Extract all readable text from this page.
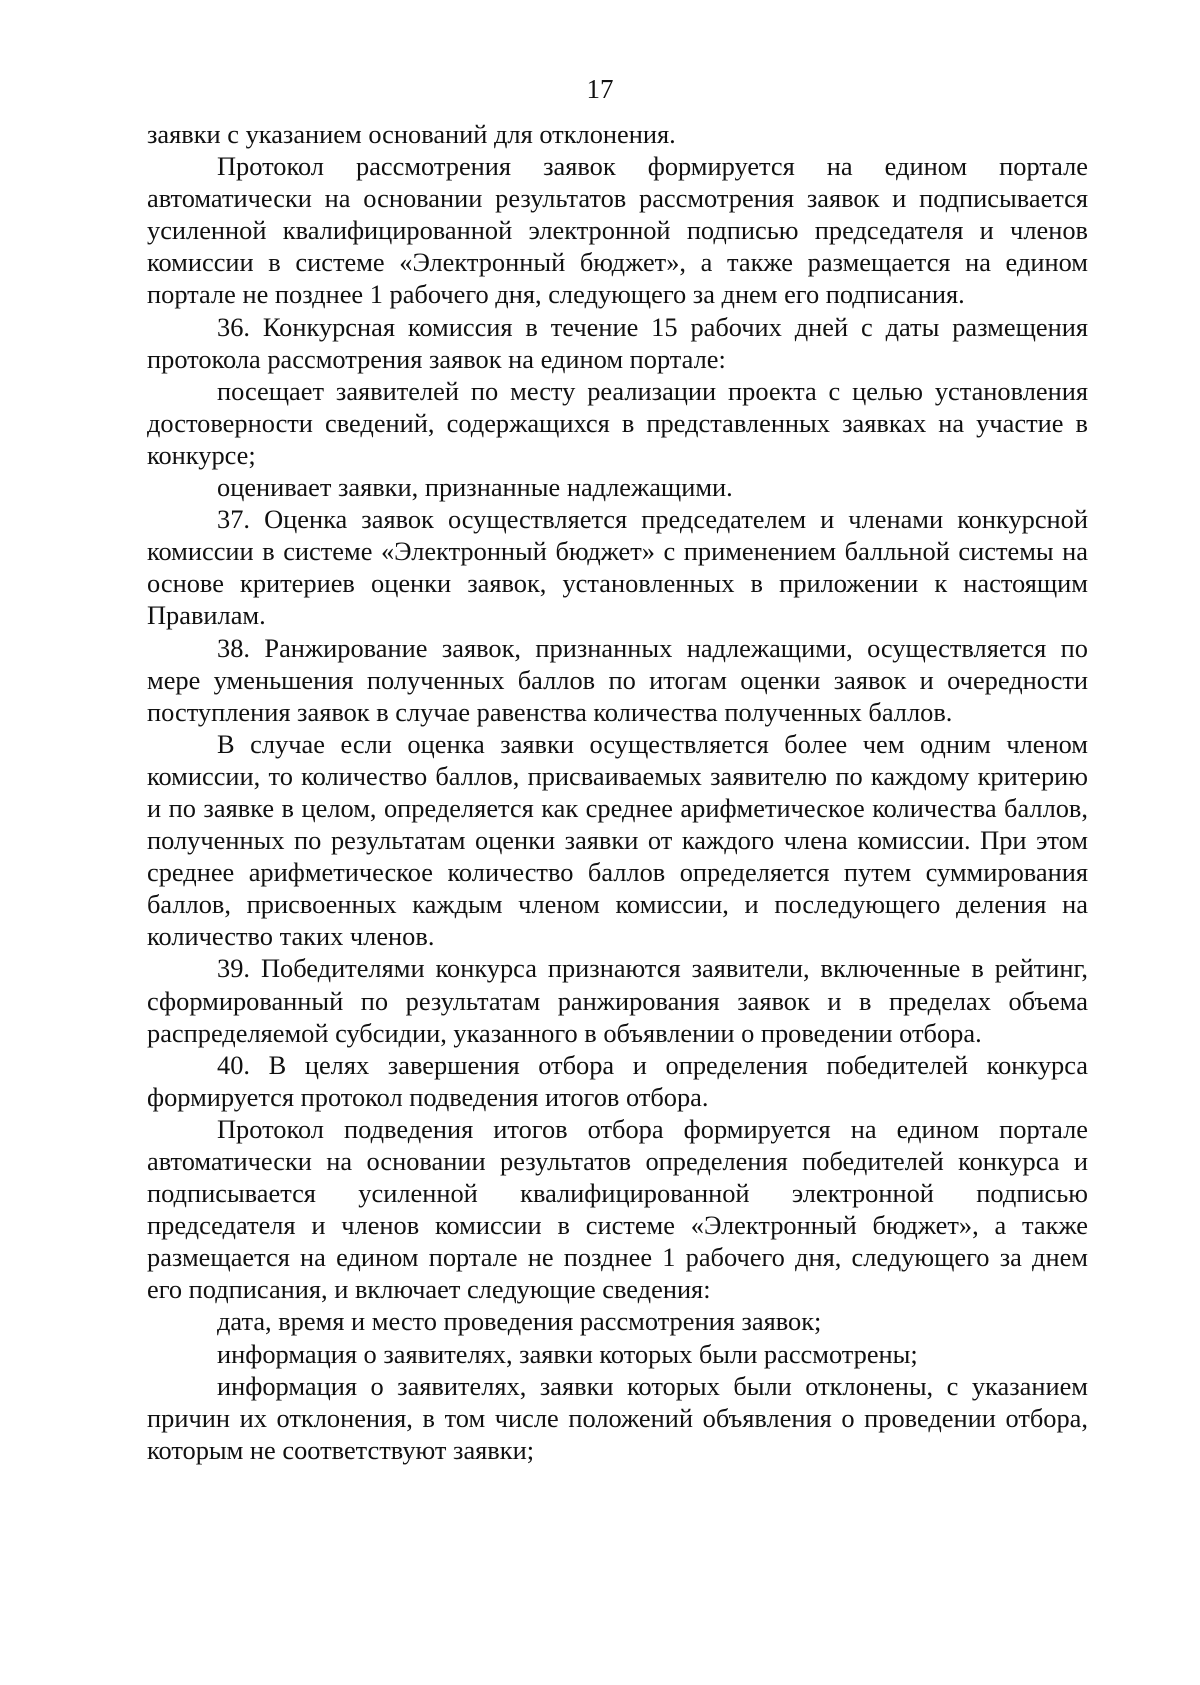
17

заявки с указанием оснований для отклонения.

Протокол рассмотрения заявок формируется на едином портале автоматически на основании результатов рассмотрения заявок и подписывается усиленной квалифицированной электронной подписью председателя и членов комиссии в системе «Электронный бюджет», а также размещается на едином портале не позднее 1 рабочего дня, следующего за днем его подписания.

36. Конкурсная комиссия в течение 15 рабочих дней с даты размещения протокола рассмотрения заявок на едином портале:

посещает заявителей по месту реализации проекта с целью установления достоверности сведений, содержащихся в представленных заявках на участие в конкурсе;

оценивает заявки, признанные надлежащими.

37. Оценка заявок осуществляется председателем и членами конкурсной комиссии в системе «Электронный бюджет» с применением балльной системы на основе критериев оценки заявок, установленных в приложении к настоящим Правилам.

38. Ранжирование заявок, признанных надлежащими, осуществляется по мере уменьшения полученных баллов по итогам оценки заявок и очередности поступления заявок в случае равенства количества полученных баллов.

В случае если оценка заявки осуществляется более чем одним членом комиссии, то количество баллов, присваиваемых заявителю по каждому критерию и по заявке в целом, определяется как среднее арифметическое количества баллов, полученных по результатам оценки заявки от каждого члена комиссии. При этом среднее арифметическое количество баллов определяется путем суммирования баллов, присвоенных каждым членом комиссии, и последующего деления на количество таких членов.

39. Победителями конкурса признаются заявители, включенные в рейтинг, сформированный по результатам ранжирования заявок и в пределах объема распределяемой субсидии, указанного в объявлении о проведении отбора.

40. В целях завершения отбора и определения победителей конкурса формируется протокол подведения итогов отбора.

Протокол подведения итогов отбора формируется на едином портале автоматически на основании результатов определения победителей конкурса и подписывается усиленной квалифицированной электронной подписью председателя и членов комиссии в системе «Электронный бюджет», а также размещается на едином портале не позднее 1 рабочего дня, следующего за днем его подписания, и включает следующие сведения:

дата, время и место проведения рассмотрения заявок;

информация о заявителях, заявки которых были рассмотрены;

информация о заявителях, заявки которых были отклонены, с указанием причин их отклонения, в том числе положений объявления о проведении отбора, которым не соответствуют заявки;
